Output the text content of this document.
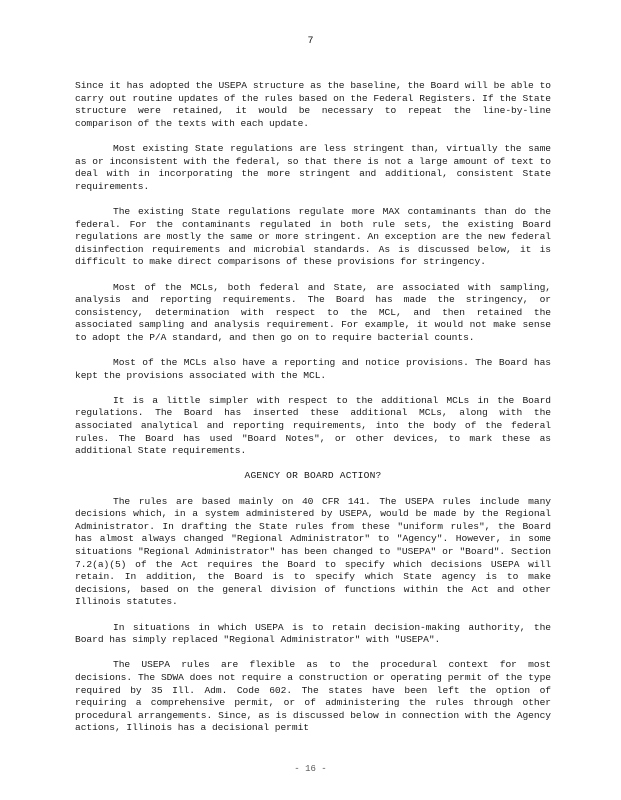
7

Since it has adopted the USEPA structure as the baseline, the Board will be able to carry out routine updates of the rules based on the Federal Registers. If the State structure were retained, it would be necessary to repeat the line-by-line comparison of the texts with each update.

Most existing State regulations are less stringent than, virtually the same as or inconsistent with the federal, so that there is not a large amount of text to deal with in incorporating the more stringent and additional, consistent State requirements.

The existing State regulations regulate more MAX contaminants than do the federal. For the contaminants regulated in both rule sets, the existing Board regulations are mostly the same or more stringent. An exception are the new federal disinfection requirements and microbial standards. As is discussed below, it is difficult to make direct comparisons of these provisions for stringency.

Most of the MCLs, both federal and State, are associated with sampling, analysis and reporting requirements. The Board has made the stringency, or consistency, determination with respect to the MCL, and then retained the associated sampling and analysis requirement. For example, it would not make sense to adopt the P/A standard, and then go on to require bacterial counts.

Most of the MCLs also have a reporting and notice provisions. The Board has kept the provisions associated with the MCL.

It is a little simpler with respect to the additional MCLs in the Board regulations. The Board has inserted these additional MCLs, along with the associated analytical and reporting requirements, into the body of the federal rules. The Board has used "Board Notes", or other devices, to mark these as additional State requirements.

AGENCY OR BOARD ACTION?

The rules are based mainly on 40 CFR 141. The USEPA rules include many decisions which, in a system administered by USEPA, would be made by the Regional Administrator. In drafting the State rules from these "uniform rules", the Board has almost always changed "Regional Administrator" to "Agency". However, in some situations "Regional Administrator" has been changed to "USEPA" or "Board". Section 7.2(a)(5) of the Act requires the Board to specify which decisions USEPA will retain. In addition, the Board is to specify which State agency is to make decisions, based on the general division of functions within the Act and other Illinois statutes.

In situations in which USEPA is to retain decision-making authority, the Board has simply replaced "Regional Administrator" with "USEPA".

The USEPA rules are flexible as to the procedural context for most decisions. The SDWA does not require a construction or operating permit of the type required by 35 Ill. Adm. Code 602. The states have been left the option of requiring a comprehensive permit, or of administering the rules through other procedural arrangements. Since, as is discussed below in connection with the Agency actions, Illinois has a decisional permit

- 16 -
